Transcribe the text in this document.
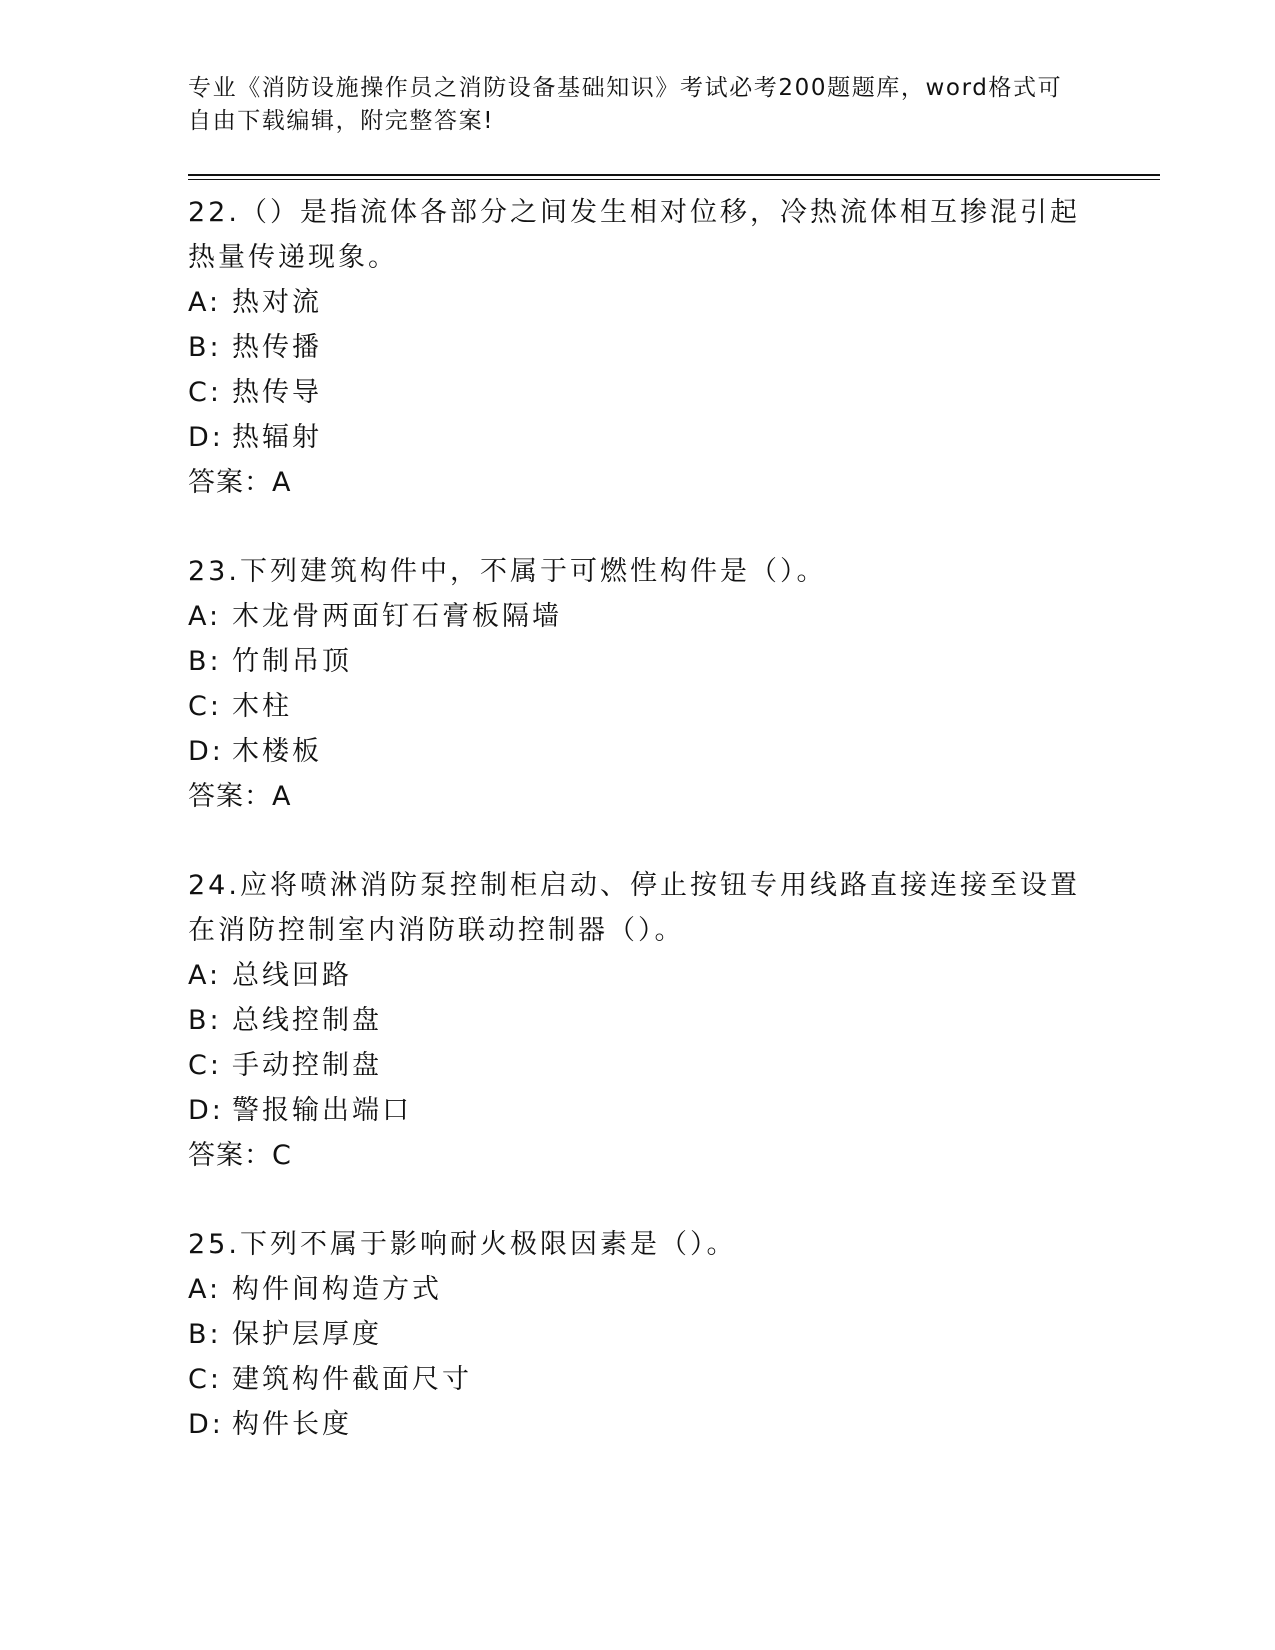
专业《消防设施操作员之消防设备基础知识》考试必考200题题库，word格式可自由下载编辑，附完整答案!

22.（）是指流体各部分之间发生相对位移，冷热流体相互掺混引起热量传递现象。

A: 热对流
B: 热传播
C: 热传导
D: 热辐射

答案：A

23.下列建筑构件中，不属于可燃性构件是（）。

A: 木龙骨两面钉石膏板隔墙
B: 竹制吊顶
C: 木柱
D: 木楼板

答案：A

24.应将喷淋消防泵控制柜启动、停止按钮专用线路直接连接至设置在消防控制室内消防联动控制器（）。

A: 总线回路
B: 总线控制盘
C: 手动控制盘
D: 警报输出端口

答案：C

25.下列不属于影响耐火极限因素是（）。

A: 构件间构造方式
B: 保护层厚度
C: 建筑构件截面尺寸
D: 构件长度
